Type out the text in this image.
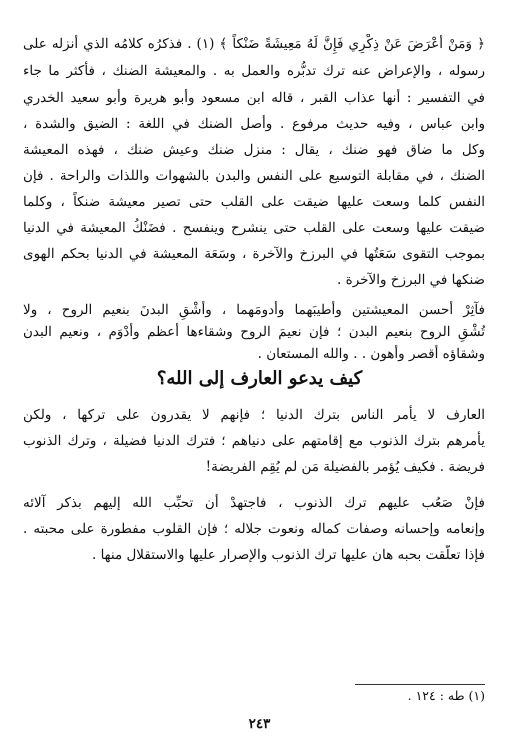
﴿ وَمَنْ أَعْرَضَ عَنْ ذِكْرِي فَإِنَّ لَهُ مَعِيشَةً ضَنْكاً ﴾ (١) . فذكرُه كلامُه الذي أنزله على
رسوله ، والإعراض عنه ترك تدبُّره والعمل به . والمعيشة الضنك ، فأكثر ما جاء
في التفسير : أنها عذاب القبر ، قاله ابن مسعود وأبو هريرة وأبو سعيد الخدري
وابن عباس ، وفيه حديث مرفوع . وأصل الضنك في اللغة : الضيق والشدة ،
وكل ما ضاق فهو ضنك ، يقال : منزل ضنك وعيش ضنك ، فهذه المعيشة
الضنك ، في مقابلة التوسيع على النفس والبدن بالشهوات واللذات والراحة . فإن
النفس كلما وسعت عليها ضيقت على القلب حتى تصير معيشة ضنكاً ، وكلما
ضيقت عليها وسعت على القلب حتى ينشرح وينفسح . فضَنْكُ المعيشة في الدنيا
بموجب التقوى سَعَتُها في البرزخ والآخرة ، وسَعَة المعيشة في الدنيا بحكم الهوى
ضنكها في البرزخ والآخرة .
فآثِرْ أحسن المعيشتين وأطيبَهما وأدومَهما ، وأشْقِ البدنَ بنعيم الروح ، ولا
تُشْقِ الروح بنعيم البدن ؛ فإن نعيمَ الروح وشقاءها أعظم وأدْوَم ، ونعيم البدن
كيف يدعو العارف إلى الله؟
العارف لا يأمر الناس بترك الدنيا ؛ فإنهم لا يقدرون على تركها ، ولكن
يأمرهم بترك الذنوب مع إقامتهم على دنياهم ؛ فترك الدنيا فضيلة ، وترك الذنوب
فريضة . فكيف يُؤمر بالفضيلة مَن لم يُقِم الفريضة!
فإنْ صَعُب عليهم ترك الذنوب ، فاجتهدْ أن تحبِّب الله إليهم بذكر آلائه
وإنعامه وإحسانه وصفات كماله ونعوت جلاله ؛ فإن القلوب مفطورة على محبته .
فإذا تعلَّقت بحبه هان عليها ترك الذنوب والإصرار عليها والاستقلال منها .
(١) طه : ١٢٤ .
٢٤٣
وشقاؤه أقصر وأهون . . والله المستعان .
